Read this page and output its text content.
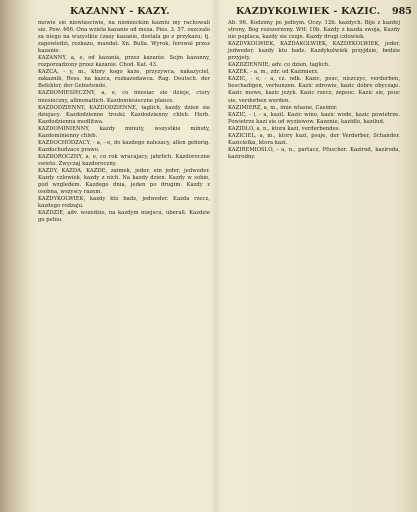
KAZANNY - KAZY.	KAZDYKOLWIEK - KAZIC. 985

mowie sie niewlasciwie, na niemieckim kazniu my rachowali sie. Pow. 466. Ona wziela kazanie od meza. Pies. 3. 57. oszczalo za niego na wszystkie czasy kazanie, dostala go z przykazu; tj. zapowiedzi, rozkazu, mandat. Xn. Bulla. Wyrok, ferowal przez kazanie.

KAZANNY, a, e, od kazania, przez kazanie. Sejm kazanny, rozporzadzony przez kazanie. Chod. Kat. 43.

KAZCA, - y, m., ktory kogo kaze, przyzywca, nakazyciel, zakaznik, Ross. na kazca, rozkazodawca. Rag. Deutsch. der Befehler, der Gebietende.

KAZDOMIESIECZNY, a, e, co miesiac sie dzieje, ctery miesieczny, allmonatlich. Kazdomiesieczne plance.

KAZDODZIENNY, KAZDODZIENNE, taglich, kazdy dzien sie dziejacy. Kazdodzienne troski; Kazdodzienny chleb. Herb. Kazdodzienna modlitwa.

KAZDOMINIENNY, kazdy minuty, wszystkie minuty, Kazdominienny chleb.

KAZDOCHODZACY, - a, - e, do kazdego nalezacy, allen gehorig. Kazdochodzace prawo.

KAZDOROCZNY, a, e, co rok wracajacy, jahrlich. Kazdoroczne swieto. Zwyczaj kazdoroczny.

KAZDY, KAZDA, KAZDE, zaimek, jeder, ein jeder, jedweder. Kazdy czlowiek, kazdy z nich. Na kazdy dzien. Kazdy w sobie, pod wzgledem. Kazdego dnia, jeden po drugim. Kazdy z osobna, wszyscy razem.

KAZDYKOLWIEK, kazdy kto badz, jedweder. Kazda rzecz, kazdego rodzaju.

KAZDZIE, adv. wszedzie, na kazdym miejscu, uberall. Kazdzie go pelno.

Ab. 96. Kodzimy po jednym. Oczy. 12b. kazdych. Bije z kazdej strony, Bog rozszerzony. Wtf. 10b. Kazdy z kazda swoja, Kazdy nie poplaca, kazdy sie czuje. Kazdy drugi czlowiek.

KAZDYKOLWIEK, KAZDAKOLWIEK, KAZDEKOLWIEK, jeder, jedweder, kazdy kto badz. Kazdykolwiek przyjdzie, bedzie przyjety.

KAZDZIENNIE, adv. co dzien, taglich.

KAZEK, - a, m., zdr. od Kazimierz.

KAZIC, - e, - a, cz. ndk. Kazic, psuc, niszczyc, verderben, beschadigen, verhunzen. Kazic zdrowie, kazic dobre obyczaje. Kazic mowe, kazic jezyk. Kazic rzecz, zepsuc. Kazic sie, psuc sie, verdorben werden.

KAZIMIERZ, a, m., imie wlasne, Casimir.

KAZIC, - i, - a, kazil. Kazic wino, kazic wode, kazic powietrze. Powietrze kazi sie od wyziewow. Kazenie, kazidlo, kazilud.

KAZIDLO, a, n., ktora kazi, verderbendes.

KAZICIEL, a, m., ktory kazi, psuje, der Verderber, Schander. Kazicielka, ktora kazi.

KAZIREMIOSLO, - a, n., partacz, Pfuscher. Kazirod, kaziroda, kazirodny.
